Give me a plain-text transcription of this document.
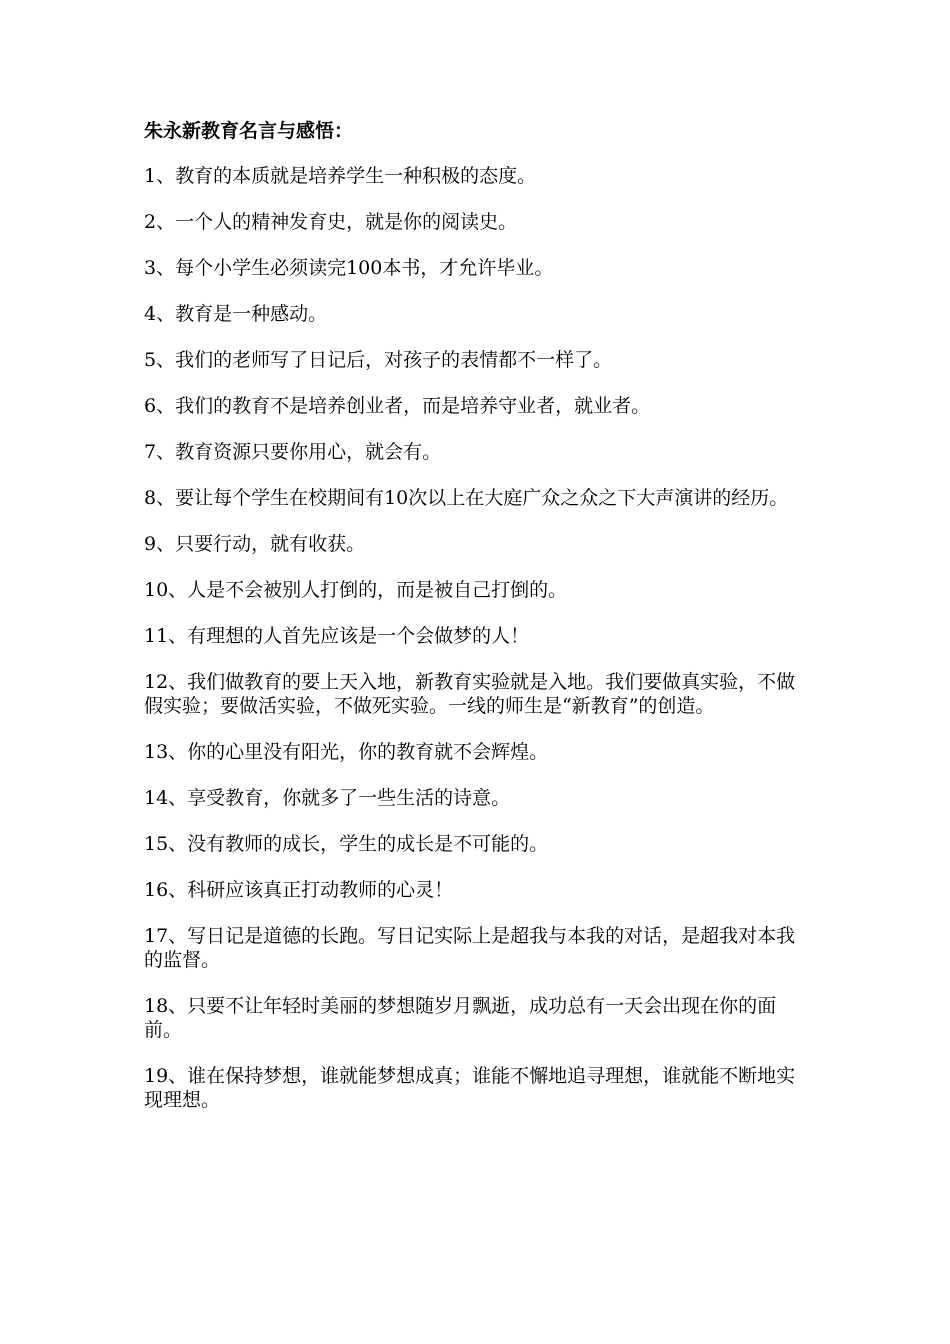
朱永新教育名言与感悟：

1、教育的本质就是培养学生一种积极的态度。

2、一个人的精神发育史，就是你的阅读史。

3、每个小学生必须读完100本书，才允许毕业。

4、教育是一种感动。

5、我们的老师写了日记后，对孩子的表情都不一样了。

6、我们的教育不是培养创业者，而是培养守业者，就业者。

7、教育资源只要你用心，就会有。

8、要让每个学生在校期间有10次以上在大庭广众之众之下大声演讲的经历。

9、只要行动，就有收获。

10、人是不会被别人打倒的，而是被自己打倒的。

11、有理想的人首先应该是一个会做梦的人！

12、我们做教育的要上天入地，新教育实验就是入地。我们要做真实验，不做假实验；要做活实验，不做死实验。一线的师生是“新教育”的创造。

13、你的心里没有阳光，你的教育就不会辉煌。

14、享受教育，你就多了一些生活的诗意。

15、没有教师的成长，学生的成长是不可能的。

16、科研应该真正打动教师的心灵！

17、写日记是道德的长跑。写日记实际上是超我与本我的对话，是超我对本我的监督。

18、只要不让年轻时美丽的梦想随岁月飘逝，成功总有一天会出现在你的面前。

19、谁在保持梦想，谁就能梦想成真；谁能不懈地追寻理想，谁就能不断地实现理想。
